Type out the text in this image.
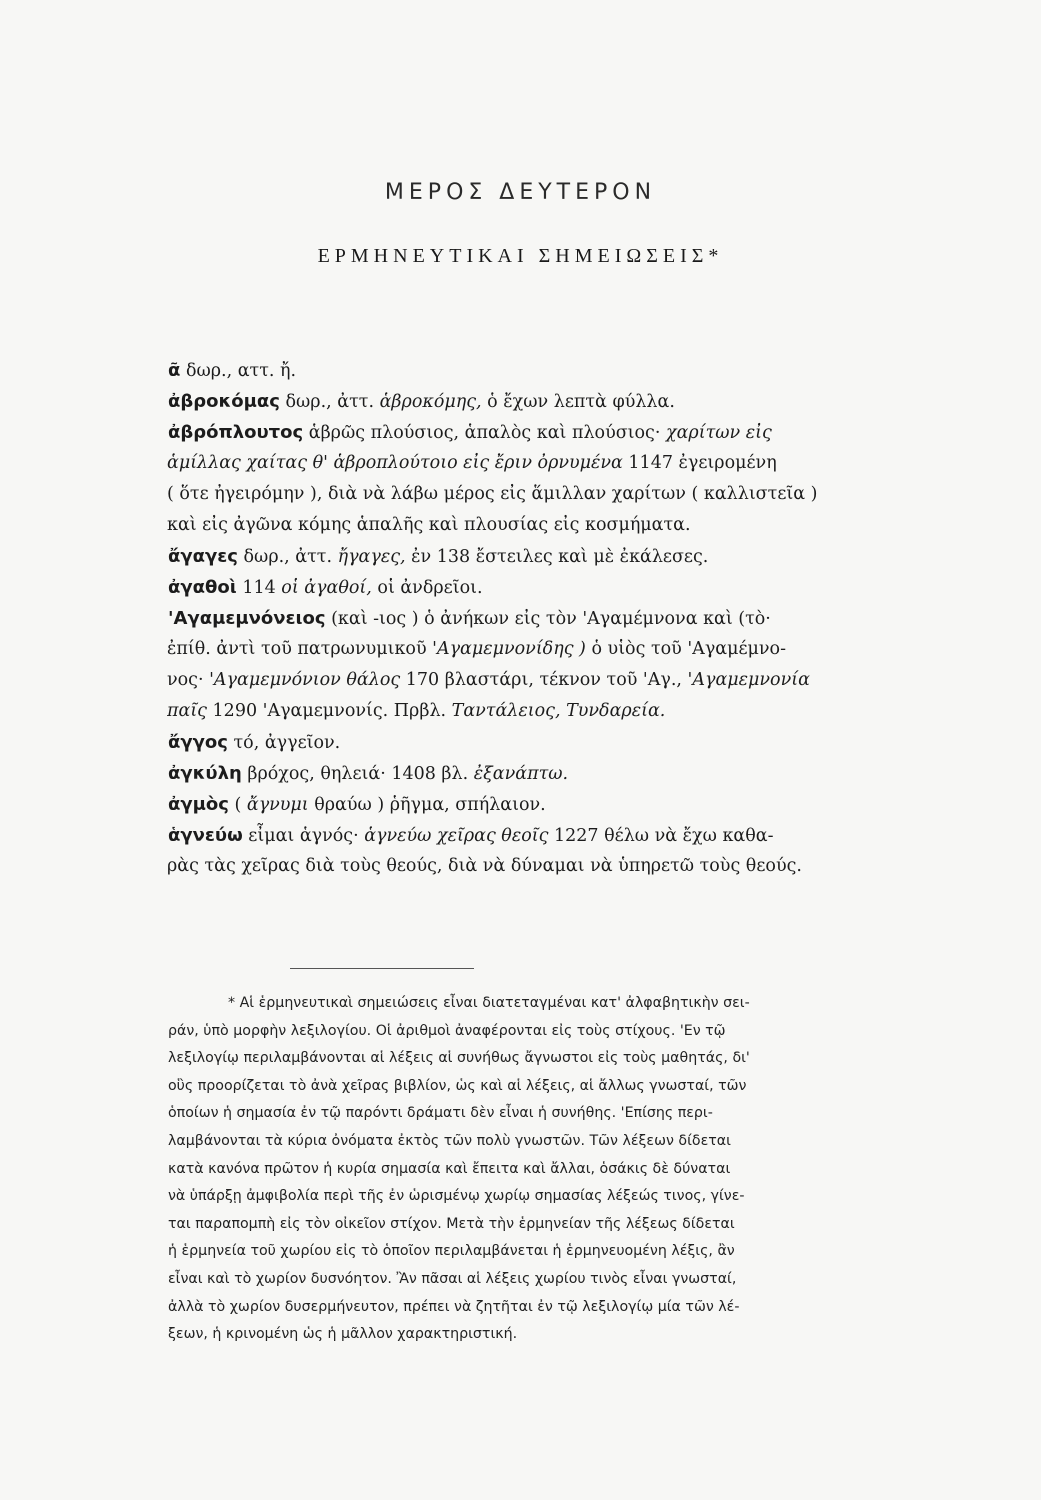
ΜΕΡΟΣ ΔΕΥΤΕΡΟΝ
ΕΡΜΗΝΕΥΤΙΚΑΙ ΣΗΜΕΙΩΣΕΙΣ*
ᾶ δωρ., αττ. ἤ.
ἀβροκόμας δωρ., ἀττ. ἁβροκόμης, ὁ ἔχων λεπτὰ φύλλα.
ἀβρόπλουτος ἁβρῶς πλούσιος, ἁπαλὸς καὶ πλούσιος· χαρίτων εἰς
ἁμίλλας χαίτας θ' ἁβροπλούτοιο εἰς ἔριν ὀρνυμένα 1147 ἐγειρομένη
( ὅτε ἠγειρόμην ), διὰ νὰ λάβω μέρος εἰς ἅμιλλαν χαρίτων ( καλλιστεῖα )
καὶ εἰς ἀγῶνα κόμης ἁπαλῆς καὶ πλουσίας εἰς κοσμήματα.
ἄγαγες δωρ., ἀττ. ἤγαγες, ἐν 138 ἔστειλες καὶ μὲ ἐκάλεσες.
ἀγαθοὶ 114 οἱ ἀγαθοί, οἱ ἀνδρεῖοι.
'Αγαμεμνόνειος (καὶ -ιος ) ὁ ἀνήκων εἰς τὸν 'Αγαμέμνονα καὶ (τὸ·
ἐπίθ. ἀντὶ τοῦ πατρωνυμικοῦ 'Αγαμεμνονίδης ) ὁ υἱὸς τοῦ 'Αγαμέμνο-
νος· 'Αγαμεμνόνιον θάλος 170 βλαστάρι, τέκνον τοῦ 'Αγ., 'Αγαμεμνονία
παῖς 1290 'Αγαμεμνονίς. Πρβλ. Ταντάλειος, Τυνδαρεία.
ἄγγος τό, ἀγγεῖον.
ἀγκύλη βρόχος, θηλειά· 1408 βλ. ἐξανάπτω.
ἀγμὸς ( ἄγνυμι θραύω ) ῥῆγμα, σπήλαιον.
ἁγνεύω εἶμαι ἁγνός· ἁγνεύω χεῖρας θεοῖς 1227 θέλω νὰ ἔχω καθα-
ρὰς τὰς χεῖρας διὰ τοὺς θεούς, διὰ νὰ δύναμαι νὰ ὑπηρετῶ τοὺς θεούς.
* Αἱ ἑρμηνευτικαὶ σημειώσεις εἶναι διατεταγμέναι κατ' ἀλφαβητικὴν σει-
ράν, ὑπὸ μορφὴν λεξιλογίου. Οἱ ἀριθμοὶ ἀναφέρονται εἰς τοὺς στίχους. 'Εν τῷ
λεξιλογίῳ περιλαμβάνονται αἱ λέξεις αἱ συνήθως ἄγνωστοι εἰς τοὺς μαθητάς, δι'
οὓς προορίζεται τὸ ἀνὰ χεῖρας βιβλίον, ὡς καὶ αἱ λέξεις, αἱ ἄλλως γνωσταί, τῶν
ὁποίων ἡ σημασία ἐν τῷ παρόντι δράματι δὲν εἶναι ἡ συνήθης. 'Επίσης περι-
λαμβάνονται τὰ κύρια ὀνόματα ἐκτὸς τῶν πολὺ γνωστῶν. Τῶν λέξεων δίδεται
κατὰ κανόνα πρῶτον ἡ κυρία σημασία καὶ ἔπειτα καὶ ἄλλαι, ὁσάκις δὲ δύναται
νὰ ὑπάρξῃ ἀμφιβολία περὶ τῆς ἐν ὡρισμένῳ χωρίῳ σημασίας λέξεώς τινος, γίνε-
ται παραπομπὴ εἰς τὸν οἰκεῖον στίχον. Μετὰ τὴν ἑρμηνείαν τῆς λέξεως δίδεται
ἡ ἑρμηνεία τοῦ χωρίου εἰς τὸ ὁποῖον περιλαμβάνεται ἡ ἑρμηνευομένη λέξις, ἂν
εἶναι καὶ τὸ χωρίον δυσνόητον. Ἂν πᾶσαι αἱ λέξεις χωρίου τινὸς εἶναι γνωσταί,
ἀλλὰ τὸ χωρίον δυσερμήνευτον, πρέπει νὰ ζητῆται ἐν τῷ λεξιλογίῳ μία τῶν λέ-
ξεων, ἡ κρινομένη ὡς ἡ μᾶλλον χαρακτηριστική.
